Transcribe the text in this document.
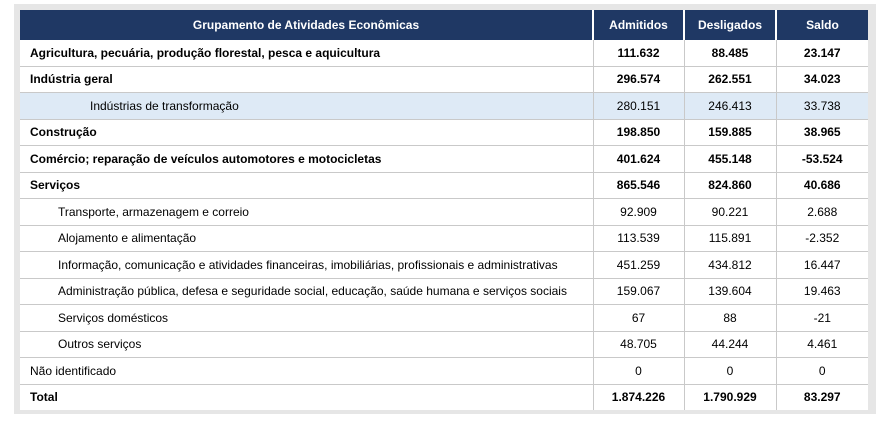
Grupamento de Atividades Econômicas	Admitidos	Desligados	Saldo
Agricultura, pecuária, produção florestal, pesca e aquicultura	111.632	88.485	23.147
Indústria geral	296.574	262.551	34.023
Indústrias de transformação	280.151	246.413	33.738
Construção	198.850	159.885	38.965
Comércio; reparação de veículos automotores e motocicletas	401.624	455.148	-53.524
Serviços	865.546	824.860	40.686
Transporte, armazenagem e correio	92.909	90.221	2.688
Alojamento e alimentação	113.539	115.891	-2.352
Informação, comunicação e atividades financeiras, imobiliárias, profissionais e administrativas	451.259	434.812	16.447
Administração pública, defesa e seguridade social, educação, saúde humana e serviços sociais	159.067	139.604	19.463
Serviços domésticos	67	88	-21
Outros serviços	48.705	44.244	4.461
Não identificado	0	0	0
Total	1.874.226	1.790.929	83.297
